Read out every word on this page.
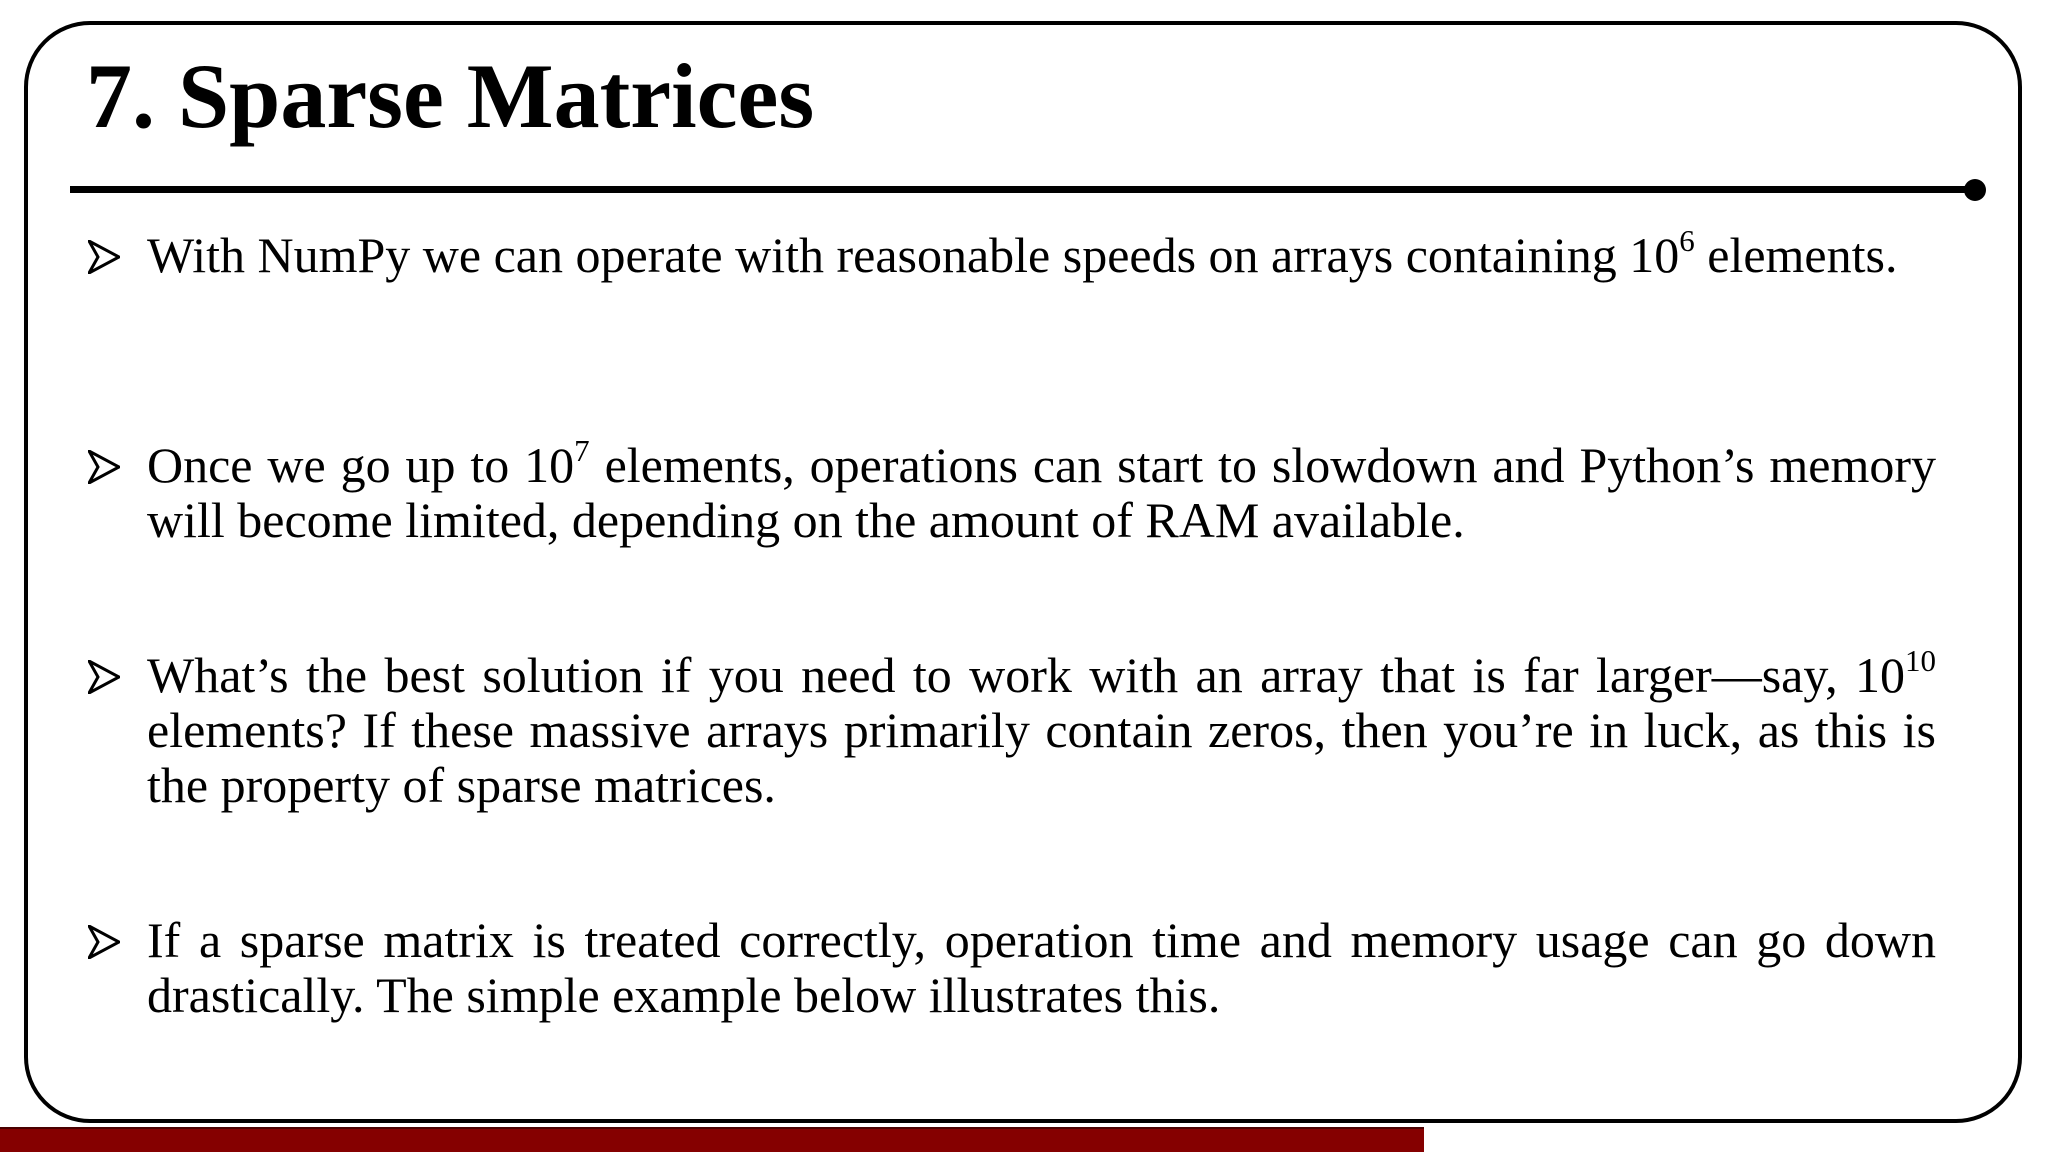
7. Sparse Matrices

With NumPy we can operate with reasonable speeds on arrays containing $10^6$ elements.

Once we go up to $10^7$ elements, operations can start to slowdown and Python’s memory will become limited, depending on the amount of RAM available.

What’s the best solution if you need to work with an array that is far larger—say, $10^{10}$ elements? If these massive arrays primarily contain zeros, then you’re in luck, as this is the property of sparse matrices.

If a sparse matrix is treated correctly, operation time and memory usage can go down drastically. The simple example below illustrates this.
